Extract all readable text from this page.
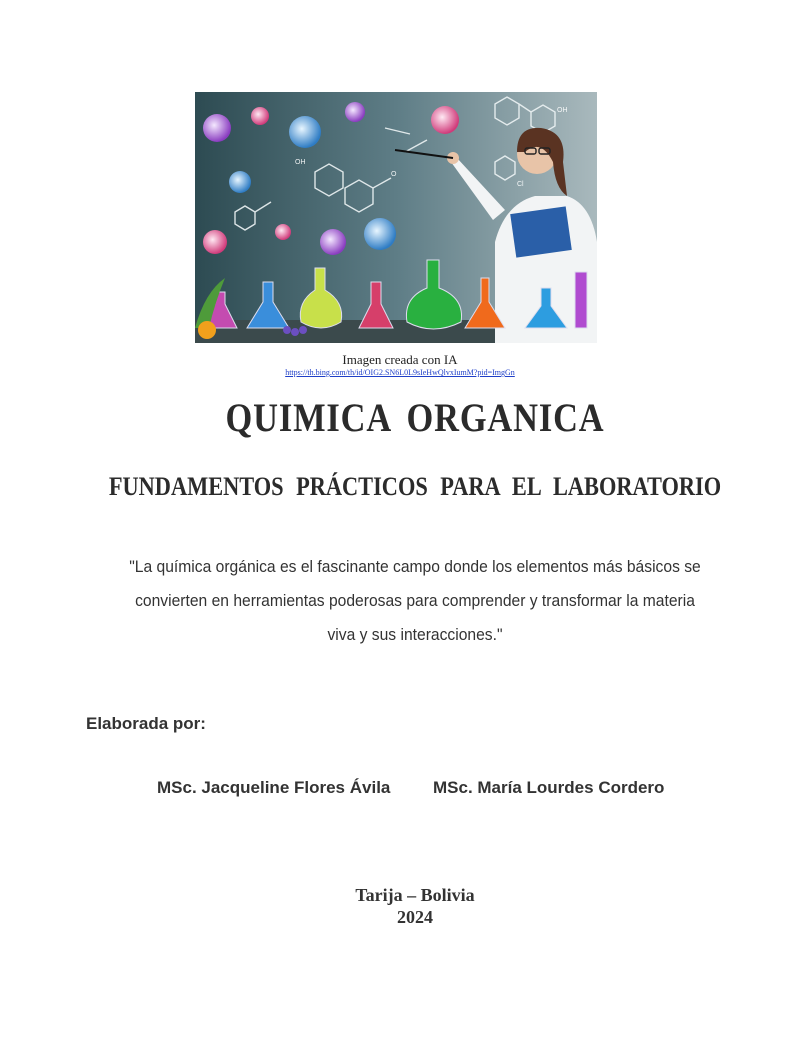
OH
O
OH
Cl
Imagen creada con IA
https://th.bing.com/th/id/OIG2.SN6L0L9sIeHwQlvxIumM?pid=ImgGn
QUIMICA ORGANICA
FUNDAMENTOS PRÁCTICOS PARA EL LABORATORIO
"La química orgánica es el fascinante campo donde los elementos más básicos se convierten en herramientas poderosas para comprender y transformar la materia viva y sus interacciones."
Elaborada por:
MSc. Jacqueline Flores Ávila	MSc. María Lourdes Cordero
Tarija – Bolivia
2024
